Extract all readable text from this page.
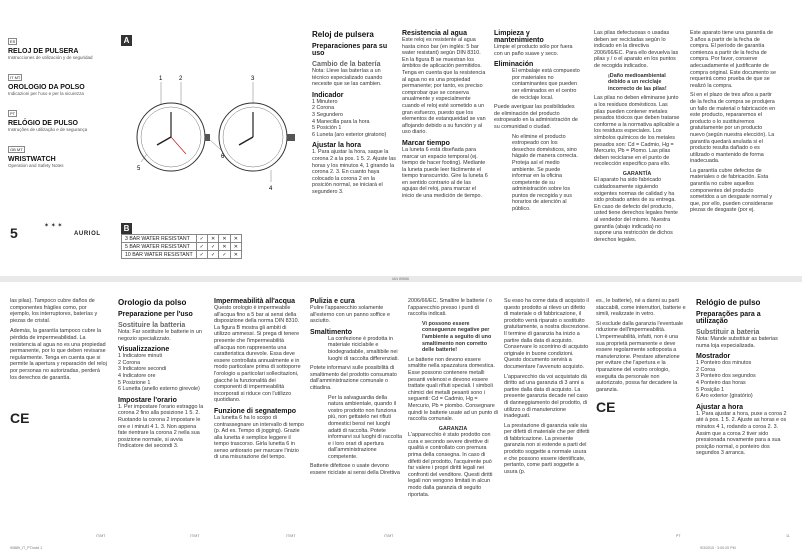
ES
RELOJ DE PULSERA
Instrucciones de utilización y de seguridad
IT MT
OROLOGIO DA POLSO
Indicazioni per l'uso e per la sicurezza
PT
RELÓGIO DE PULSO
Instruções de utilização e de segurança
GB MT
WRISTWATCH
Operation and Safety Notes
5	✶ ✶ ✶
AURIOL
A
1	2	3
4
5
6
B
3 BAR WATER RESISTANT	✓	✕	✕	✕
5 BAR WATER RESISTANT	✓	✓	✕	✕
10 BAR WATER RESISTANT	✓	✓	✓	✕
Reloj de pulsera
Preparaciones para su uso
Cambio de la batería
Nota: Lleve las baterías a un técnico especializado cuando necesite que se las cambien.
Indicador
1 Minutero
2 Corona
3 Segundero
4 Manecilla para la hora
5 Posición 1
6 Luneta (aro exterior giratorio)
Ajustar la hora
1. Para ajustar la hora, saque la corona 2 a la pos. 1 5. 2. Ajuste las horas y los minutos 4, 1 girando la corona 2. 3. En cuanto haya colocado la corona 2 en la posición normal, se iniciará el segundero 3.
Resistencia al agua
Este reloj es resistente al agua hasta cinco bar (en inglés: 5 bar water resistant) según DIN 8310. En la figura B se muestran los ámbitos de aplicación permitidos. Tenga en cuenta que la resistencia al agua no es una propiedad permanente; por tanto, es preciso comprobar que se conserva anualmente y especialmente cuando el reloj esté sometido a un gran esfuerzo, puesto que los elementos de estanqueidad se van aflojando debido a su función y al uso diario.
Marcar tiempo
La luneta 6 está diseñada para marcar un espacio temporal (ej. tiempo de hacer footing). Mediante la luneta puede leer fácilmente el tiempo transcurrido. Gire la luneta 6 en sentido contrario al de las agujas del reloj, para marcar el inicio de una medición de tiempo.
Limpieza y mantenimiento
Limpie el producto sólo por fuera con un paño suave y seco.
Eliminación
El embalaje está compuesto por materiales no contaminantes que pueden ser eliminados en el centro de reciclaje local.
Puede averiguar las posibilidades de eliminación del producto estropeado en la administración de su comunidad o ciudad.
No elimine el producto estropeado con los desechos domésticos, sino hágalo de manera correcta. Proteja así el medio ambiente. Se puede informar en la oficina competente de su administración sobre los puntos de recogida y sus horarios de atención al público.
Las pilas defectuosas o usadas deben ser recicladas según lo indicado en la directiva 2006/66/EC. Para ello devuelva las pilas y / o el aparato en los puntos de recogida indicados.
¡Daño medioambiental debido a un reciclaje incorrecto de las pilas!
Las pilas no deben eliminarse junto a los residuos domésticos. Las pilas pueden contener metales pesados tóxicos que deben tratarse conforme a la normativa aplicable a los residuos especiales. Los símbolos químicos de los metales pesados son: Cd = Cadmio, Hg = Mercurio, Pb = Plomo. Las pilas deben reciclarse en el punto de recolección especifico para ello.
GARANTÍA
El aparato ha sido fabricado cuidadosamente siguiendo exigentes normas de calidad y ha sido probado antes de su entrega. En caso de defecto del producto, usted tiene derechos legales frente al vendedor del mismo. Nuestra garantía (abajo indicada) no supone una restricción de dichos derechos legales.
Este aparato tiene una garantía de 3 años a partir de la fecha de compra. El período de garantía comienza a partir de la fecha de compra. Por favor, conserve adecuadamente el justificante de compra original. Este documento se requerirá como prueba de que se realizó la compra.
Si en el plazo de tres años a partir de la fecha de compra se produjera un fallo de material o fabricación en este producto, repararemos el producto o lo sustituiremos gratuitamente por un producto nuevo (según nuestra elección). La garantía quedará anulada si el producto resulta dañado o es utilizado o mantenido de forma inadecuada.
La garantía cubre defectos de materiales o de fabricación. Esta garantía no cubre aquellos componentes del producto sometidos a un desgaste normal y que, por ello, pueden considerarse piezas de desgaste (por ej.
las pilas). Tampoco cubre daños de componentes frágiles como, por ejemplo, los interruptores, baterías y piezas de cristal.
Además, la garantía tampoco cubre la pérdida de impermeabilidad. La resistencia al agua no es una propiedad permanente, por lo que deben revisarse regularmente. Tenga en cuenta que si permite la apertura y reparación del reloj por personas no autorizadas, perderá los derechos de garantía.
CE
Orologio da polso
Preparazione per l'uso
Sostituire la batteria
Nota: Far sostituire le batterie in un negozio specializzato.
Visualizzazione
1 Indicatore minuti
2 Corona
3 Indicatore secondi
4 Indicatore ore
5 Posizione 1
6 Lunetta (anello esterno girevole)
Impostare l'orario
1. Per impostare l'orario estraggo la corona 2 fino alla posizione 1 5. 2. Ruotando la corona 2 impostare le ore e i minuti 4 1. 3. Non appena fate rientrare la corona 2 nella sua posizione normale, si avvia l'indicatore dei secondi 3.
Impermeabilità all'acqua
Questo orologio è impermeabile all'acqua fino a 5 bar ai sensi della disposizione della norma DIN 8310. La figura B mostra gli ambiti di utilizzo ammessi. Si prega di tenere presente che l'impermeabilità all'acqua non rappresenta una caratteristica durevole. Essa deve essere controllata annualmente e in modo particolare prima di sottoporre l'orologio a particolari sollecitazioni, giacché la funzionalità dei componenti di impermeabilità incorporati si riduce con l'utilizzo quotidiano.
Funzione di segnatempo
La lunetta 6 ha lo scopo di contrassegnare un intervallo di tempo (p. Ad es. Tempo di jogging). Grazie alla lunetta è semplice leggere il tempo trascorso. Girla lunetta 6 in senso antiorario per marcare l'inizio di una misurazione del tempo.
Pulizia e cura
Pulire l'apparecchio solamente all'esterno con un panno soffice e asciutto.
Smaltimento
La confezione è prodotta in materiale riciclabile e biodegradabile, smaltibile nei luoghi di raccolta differenziati.
Potete informarvi sulle possibilità di smaltimento del prodotto consumato dall'amministrazione comunale o cittadina.
Per la salvaguardia della natura ambientale, quando il vostro prodotto non funziona più, non gettatelo nei rifiuti domestici bensì nei luoghi adatti di raccolta. Potete informarvi sui luoghi di raccolta e i loro orari di apertura dall'amministrazione competente.
Batterie difettose o usate devono essere riciclate ai sensi della Direttiva
2006/66/EC. Smaltire le batterie / o l'apparecchio presso i punti di raccolta indicati.
Vi possono essere conseguenze negative per l'ambiente a seguito di uno smaltimento non corretto delle batterie!
Le batterie non devono essere smaltite nella spazzatura domestica. Esse possono contenere metalli pesanti velenosi e devono essere trattate quali rifiuti speciali. I simboli chimici dei metalli pesanti sono i seguenti: Cd = Cadmio, Hg = Mercurio, Pb = piombo. Consegnare quindi le batterie usate ad un punto di raccolta comunale.
GARANZIA
L'apparecchio è stato prodotto con cura e secondo severe direttive di qualità e controllato con premura prima della consegna. In caso di difetti del prodotto, l'acquirente può far valere i propri diritti legali nei confronti del venditore. Questi diritti legali non vengono limitati in alcun modo dalla garanzia di seguito riportata.
Su esso ha come data di acquisto il questo prodotto ai rilevo un difetto di materiale o di fabbricazione, il prodotto verrà riparato o sostituito gratuitamente, a nostra discrezione. Il termine di garanzia ha inizio a partire dalla data di acquisto. Conservare lo scontrino di acquisto originale in buone condizioni. Questo documento servirà a documentare l'avvenuto acquisto.
L'apparecchio da voi acquistato dà diritto ad una garanzia di 3 anni a partire dalla data di acquisto. La presente garanzia decade nel caso di danneggiamento del prodotto, di utilizzo o di manutenzione inadeguati.
La prestazione di garanzia vale sia per difetti di materiale che per difetti di fabbricazione. La presente garanzia non si estende a parti del prodotto soggette a normale usura e che possono essere identificate, pertanto, come parti soggette a usura (p.
es., le batterie), né a danni su parti staccabili, come interruttori, batterie e simili, realizzate in vetro.
Si esclude dalla garanzia l'eventuale riduzione dell'impermeabilità. L'impermeabilità, infatti, non è una sua proprietà permanente e deve essere regolarmente sottoposta a manutenzione. Prestare attenzione per evitare che l'apertura e la riparazione del vostro orologio, eseguita da personale non autorizzato, possa far decadere la garanzia.
CE
Relógio de pulso
Preparações para a utilização
Substituir a bateria
Nota: Mande substituir as baterias numa loja especializada.
Mostrador
1 Ponteiro dos minutos
2 Coroa
3 Ponteiro dos segundos
4 Ponteiro das horas
5 Posição 1
6 Aro exterior (giratório)
Ajustar a hora
1. Para ajustar a hora, puxe a coroa 2 até à pos. 1 5. 2. Ajuste as horas e os minutos 4 1, rodando a coroa 2. 3. Assim que a coroa 2 tiver sido pressionada novamente para a sua posição normal, o ponteiro dos segundos 3 arranca.
IT/MT	IT/MT	IT/MT	IT/MT	PT
90889_IT_PT.indd 1	9/3/2015 · 3:00:20 PM
IAN 89686
11
